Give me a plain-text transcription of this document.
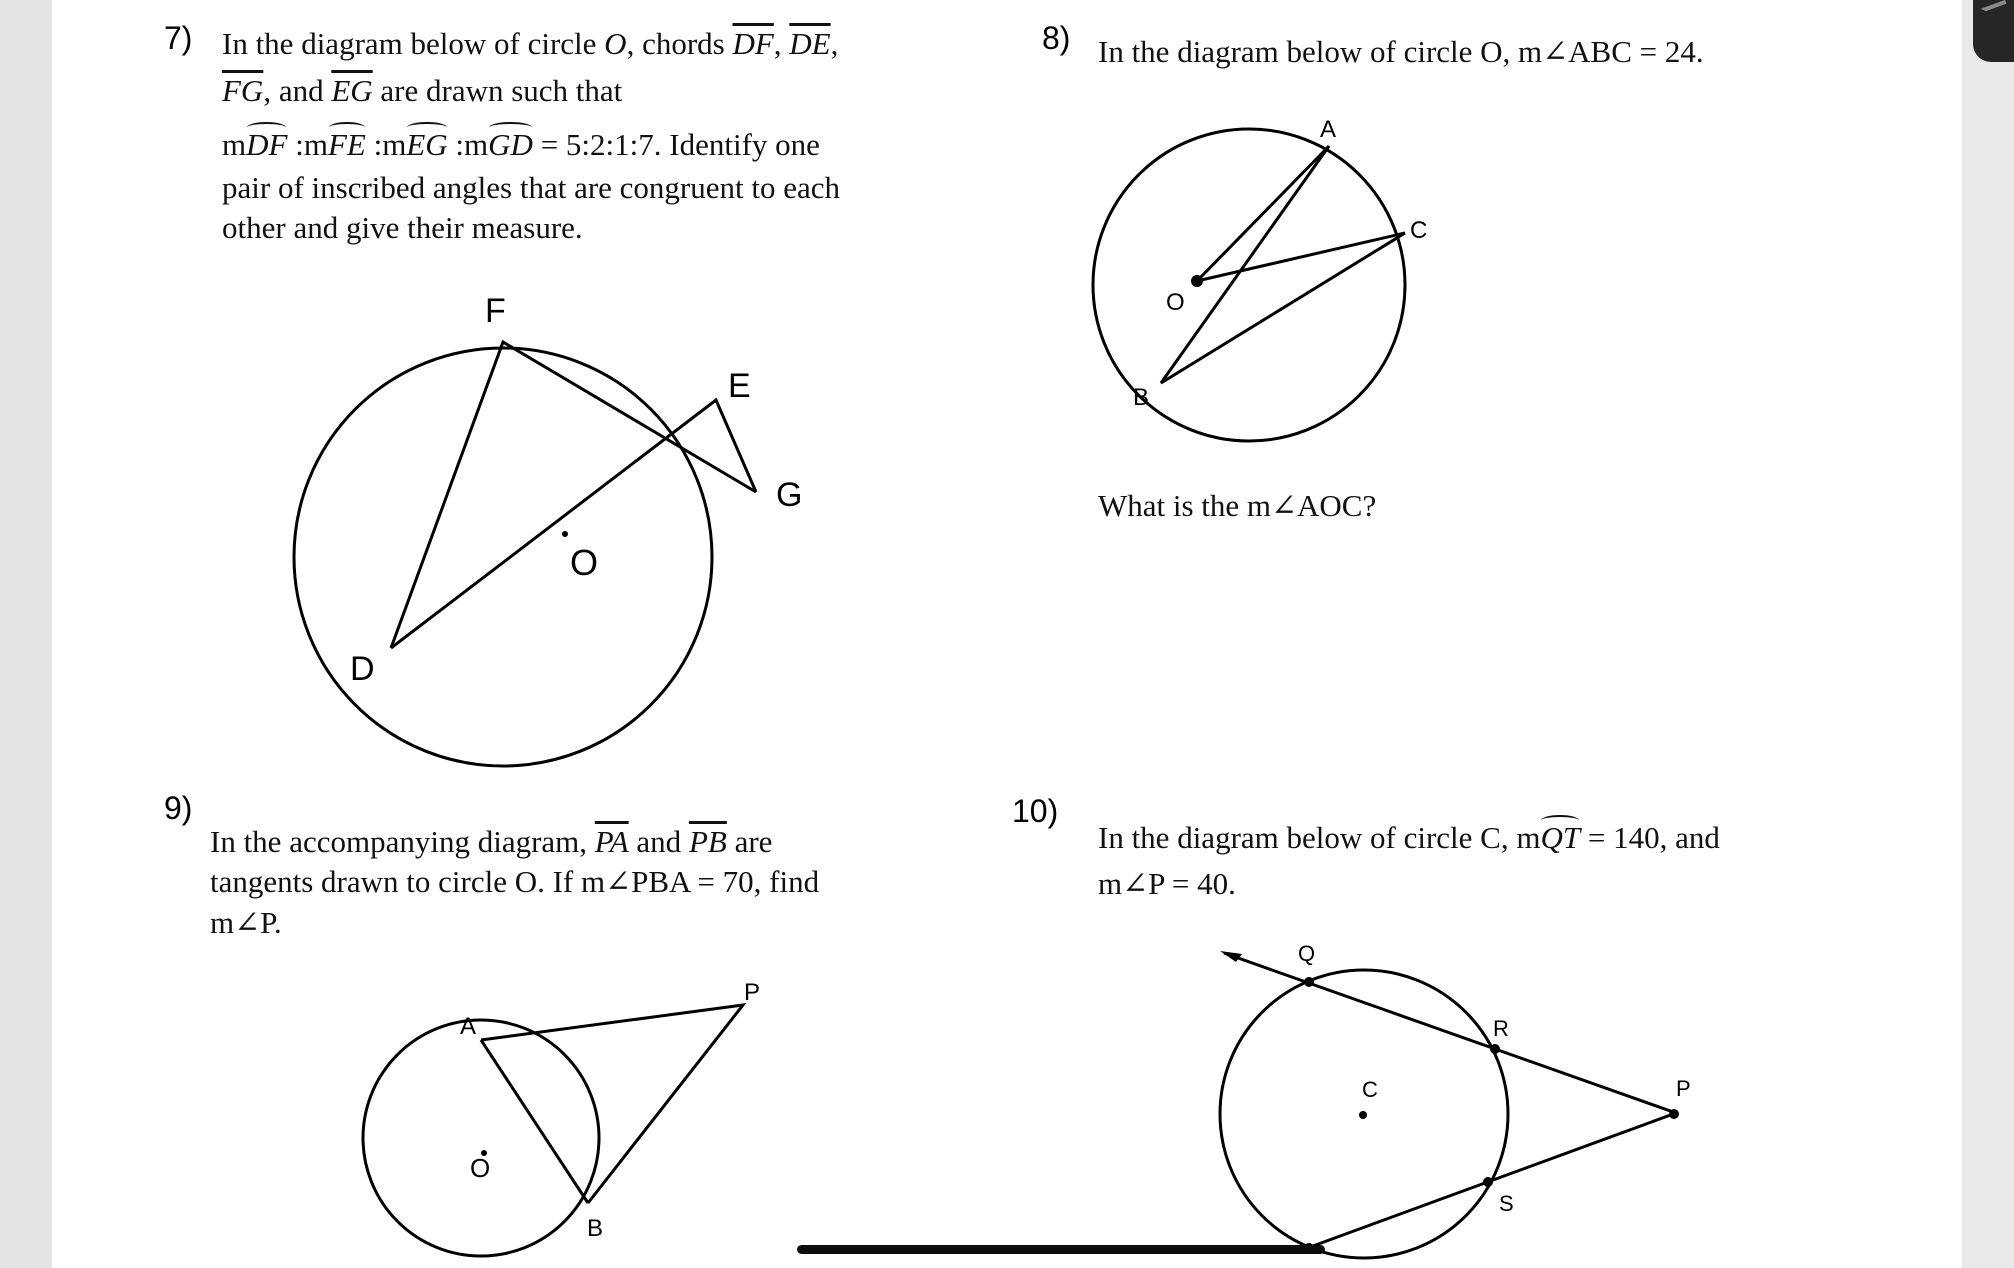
7) In the diagram below of circle O, chords $\overline{DF}$, $\overline{DE}$,
$\overline{FG}$, and $\overline{EG}$ are drawn such that
mDF :mFE :mEG :mGD = 5:2:1:7. Identify one
pair of inscribed angles that are congruent to each
other and give their measure.
F
E
G
O
D
8) In the diagram below of circle O, m∠ABC = 24.
What is the m∠AOC?
A
C
O
B
9)
In the accompanying diagram, $\overline{PA}$ and $\overline{PB}$ are
tangents drawn to circle O. If m∠PBA = 70, find
m∠P.
P
A
O
B
10)
In the diagram below of circle C, mQT = 140, and
m∠P = 40.
Q
R
C	P
S
